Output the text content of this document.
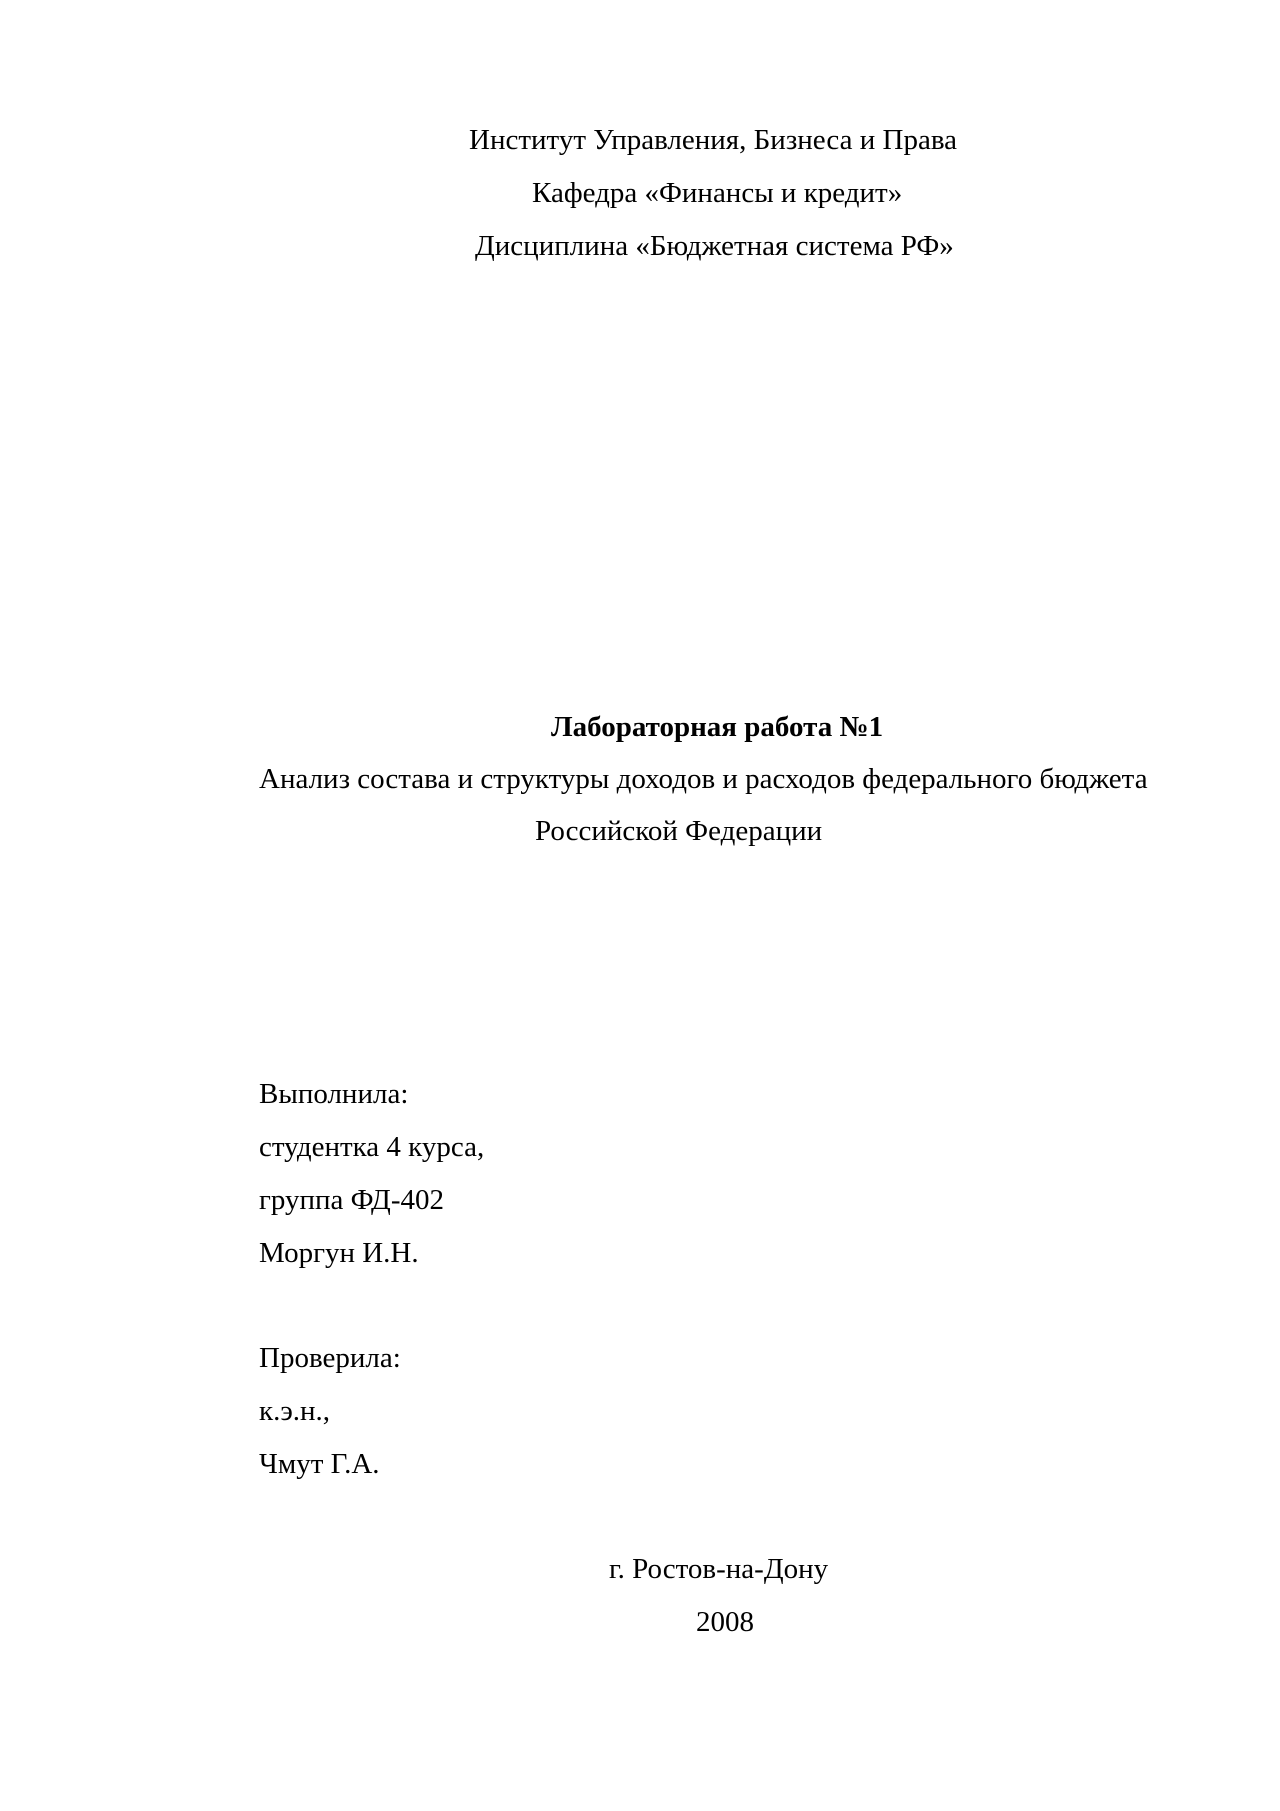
Институт Управления, Бизнеса и Права

Кафедра «Финансы и кредит»

Дисциплина «Бюджетная система РФ»

Лабораторная работа №1

Анализ состава и структуры доходов и расходов федерального бюджета

Российской Федерации

Выполнила:

студентка 4 курса,

группа ФД-402

Моргун И.Н.

Проверила:

к.э.н.,

Чмут Г.А.

г. Ростов-на-Дону

2008
